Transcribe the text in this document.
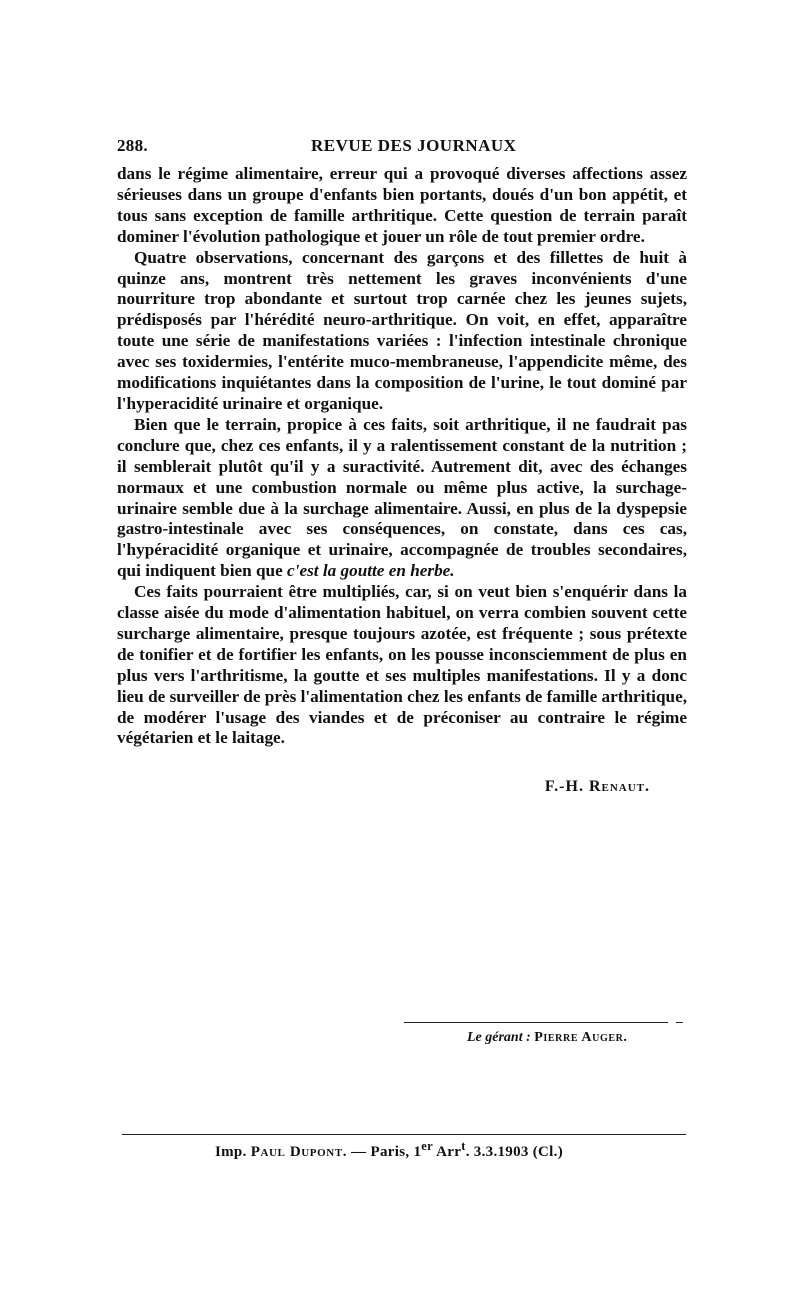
288.	REVUE DES JOURNAUX

dans le régime alimentaire, erreur qui a provoqué diverses affections assez sérieuses dans un groupe d'enfants bien portants, doués d'un bon appétit, et tous sans exception de famille arthritique. Cette question de terrain paraît dominer l'évolution pathologique et jouer un rôle de tout premier ordre.

Quatre observations, concernant des garçons et des fillettes de huit à quinze ans, montrent très nettement les graves inconvénients d'une nourriture trop abondante et surtout trop carnée chez les jeunes sujets, prédisposés par l'hérédité neuro-arthritique. On voit, en effet, apparaître toute une série de manifestations variées : l'infection intestinale chronique avec ses toxidermies, l'entérite muco-membraneuse, l'appendicite même, des modifications inquiétantes dans la composition de l'urine, le tout dominé par l'hyperacidité urinaire et organique.

Bien que le terrain, propice à ces faits, soit arthritique, il ne faudrait pas conclure que, chez ces enfants, il y a ralentissement constant de la nutrition ; il semblerait plutôt qu'il y a suractivité. Autrement dit, avec des échanges normaux et une combustion normale ou même plus active, la surchage-urinaire semble due à la surchage alimentaire. Aussi, en plus de la dyspepsie gastro-intestinale avec ses conséquences, on constate, dans ces cas, l'hypéracidité organique et urinaire, accompagnée de troubles secondaires, qui indiquent bien que c'est la goutte en herbe.

Ces faits pourraient être multipliés, car, si on veut bien s'enquérir dans la classe aisée du mode d'alimentation habituel, on verra combien souvent cette surcharge alimentaire, presque toujours azotée, est fréquente ; sous prétexte de tonifier et de fortifier les enfants, on les pousse inconsciemment de plus en plus vers l'arthritisme, la goutte et ses multiples manifestations. Il y a donc lieu de surveiller de près l'alimentation chez les enfants de famille arthritique, de modérer l'usage des viandes et de préconiser au contraire le régime végétarien et le laitage.

F.-H. Renaut.
Le gérant : Pierre Auger.
Imp. Paul Dupont. — Paris, 1er Arr$^t$. 3.3.1903 (Cl.)
